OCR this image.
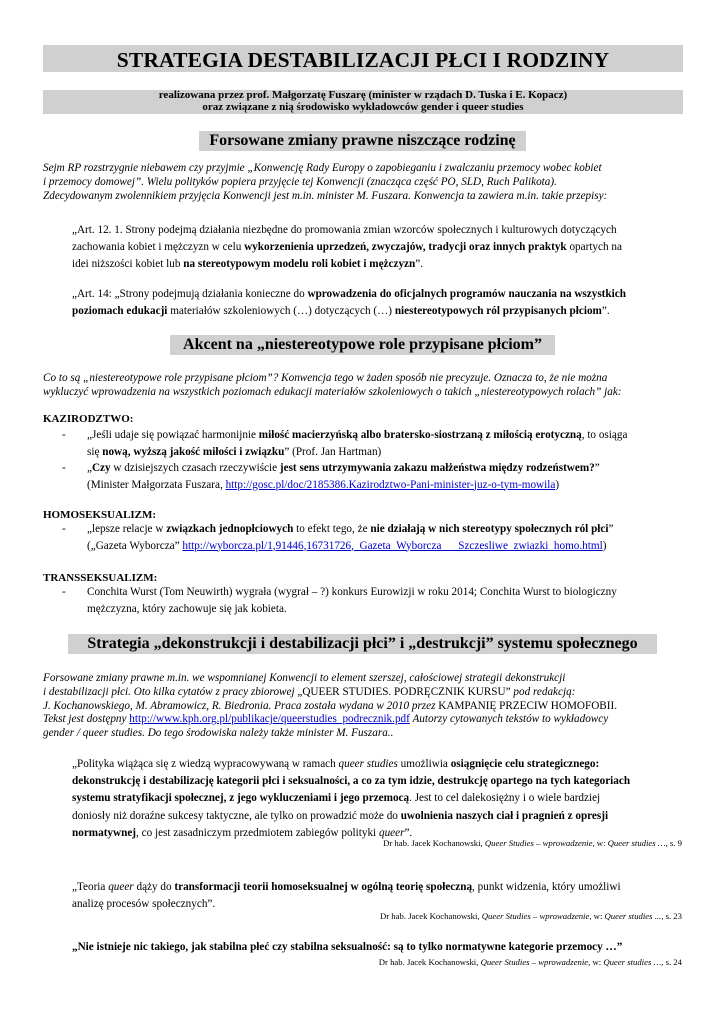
STRATEGIA DESTABILIZACJI PŁCI I RODZINY
realizowana przez prof. Małgorzatę Fuszarę (minister w rządach D. Tuska i E. Kopacz)
oraz związane z nią środowisko wykładowców gender i queer studies
Forsowane zmiany prawne niszczące rodzinę
Sejm RP rozstrzygnie niebawem czy przyjmie „Konwencję Rady Europy o zapobieganiu i zwalczaniu przemocy wobec kobiet
i przemocy domowej”. Wielu polityków popiera przyjęcie tej Konwencji (znacząca część PO, SLD, Ruch Palikota).
Zdecydowanym zwolennikiem przyjęcia Konwencji jest m.in. minister M. Fuszara. Konwencja ta zawiera m.in. takie przepisy:
„Art. 12. 1. Strony podejmą działania niezbędne do promowania zmian wzorców społecznych i kulturowych dotyczących
zachowania kobiet i mężczyzn w celu wykorzenienia uprzedzeń, zwyczajów, tradycji oraz innych praktyk opartych na
idei niższości kobiet lub na stereotypowym modelu roli kobiet i mężczyzn”.
„Art. 14: „Strony podejmują działania konieczne do wprowadzenia do oficjalnych programów nauczania na wszystkich
poziomach edukacji materiałów szkoleniowych (…) dotyczących (…) niestereotypowych ról przypisanych płciom”.
Akcent na „niestereotypowe role przypisane płciom”
Co to są „niestereotypowe role przypisane płciom”? Konwencja tego w żaden sposób nie precyzuje. Oznacza to, że nie można
wykluczyć wprowadzenia na wszystkich poziomach edukacji materiałów szkoleniowych o takich „niestereotypowych rolach” jak:
KAZIRODZTWO:
- „Jeśli udaje się powiązać harmonijnie miłość macierzyńską albo bratersko-siostrzaną z miłością erotyczną, to osiąga
się nową, wyższą jakość miłości i związku” (Prof. Jan Hartman)
- „Czy w dzisiejszych czasach rzeczywiście jest sens utrzymywania zakazu małżeństwa między rodzeństwem?”
(Minister Małgorzata Fuszara, http://gosc.pl/doc/2185386.Kazirodztwo-Pani-minister-juz-o-tym-mowila)
HOMOSEKSUALIZM:
- „lepsze relacje w związkach jednopłciowych to efekt tego, że nie działają w nich stereotypy społecznych ról płci”
(„Gazeta Wyborcza” http://wyborcza.pl/1,91446,16731726,_Gazeta_Wyborcza___Szczesliwe_zwiazki_homo.html)
TRANSSEKSUALIZM:
- Conchita Wurst (Tom Neuwirth) wygrała (wygrał – ?) konkurs Eurowizji w roku 2014; Conchita Wurst to biologiczny
mężczyzna, który zachowuje się jak kobieta.
Strategia „dekonstrukcji i destabilizacji płci” i „destrukcji” systemu społecznego
Forsowane zmiany prawne m.in. we wspomnianej Konwencji to element szerszej, całościowej strategii dekonstrukcji
i destabilizacji płci. Oto kilka cytatów z pracy zbiorowej „QUEER STUDIES. PODRĘCZNIK KURSU” pod redakcją:
J. Kochanowskiego, M. Abramowicz, R. Biedronia. Praca została wydana w 2010 przez KAMPANIĘ PRZECIW HOMOFOBII.
Tekst jest dostępny http://www.kph.org.pl/publikacje/queerstudies_podrecznik.pdf Autorzy cytowanych tekstów to wykładowcy
gender / queer studies. Do tego środowiska należy także minister M. Fuszara..
„Polityka wiążąca się z wiedzą wypracowywaną w ramach queer studies umożliwia osiągnięcie celu strategicznego:
dekonstrukcję i destabilizację kategorii płci i seksualności, a co za tym idzie, destrukcję opartego na tych kategoriach
systemu stratyfikacji społecznej, z jego wykluczeniami i jego przemocą. Jest to cel dalekosiężny i o wiele bardziej
doniosły niż doraźne sukcesy taktyczne, ale tylko on prowadzić może do uwolnienia naszych ciał i pragnień z opresji
normatywnej, co jest zasadniczym przedmiotem zabiegów polityki queer”.
Dr hab. Jacek Kochanowski, Queer Studies – wprowadzenie, w: Queer studies …, s. 9
„Teoria queer dąży do transformacji teorii homoseksualnej w ogólną teorię społeczną, punkt widzenia, który umożliwi
analizę procesów społecznych”.
Dr hab. Jacek Kochanowski, Queer Studies – wprowadzenie, w: Queer studies ..., s. 23
„Nie istnieje nic takiego, jak stabilna płeć czy stabilna seksualność: są to tylko normatywne kategorie przemocy …”
Dr hab. Jacek Kochanowski, Queer Studies – wprowadzenie, w: Queer studies …, s. 24
